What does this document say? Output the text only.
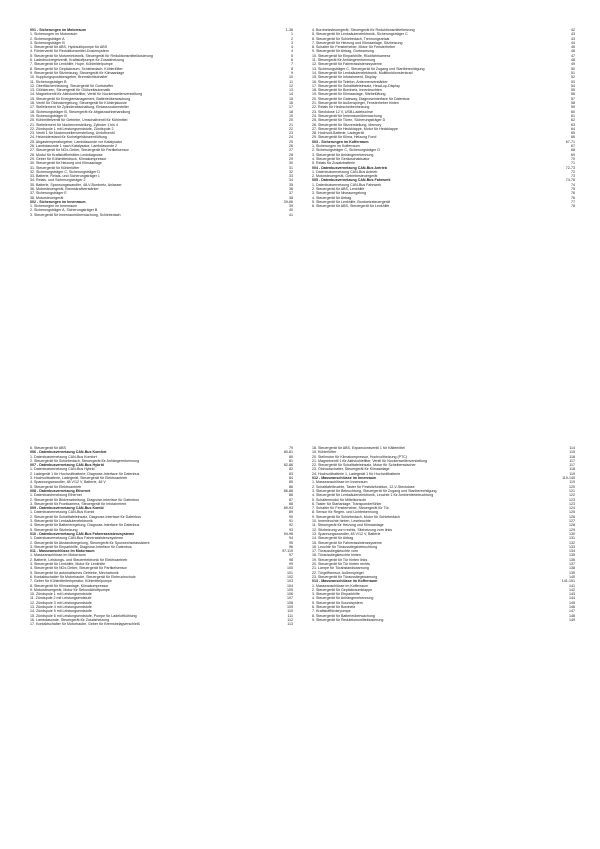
001 - Sicherungen im Motorraum	1-36
1. Sicherungen im Motorraum	1
2. Sicherungsträger A	2
3. Sicherungsträger B	3
1. Steuergerät für ABS, Hydraulikpumpe für ABS	4
4. Förderventil für Reduktionsmittel-Dosiersystem	4
5. Steuergerät für Motorelektronik, Steuergerät für Reduktionsmitteldosierung	5
6. Ladedruckregelventil, Kraftstoffpumpe für Zusatzheizung	6
7. Steuergerät für Lenkhilfe, Hupe, Kühlmittelpumpe	7
8. Steuergerät für Gepäckraum, Schiebedach, Kühlerlüfter	8
9. Steuergerät für Sitzheizung, Steuergerät für Klimaanlage	9
10. Kupplungspositionsgeber, Bremslichtschalter	10
11. Sicherungsträger B	11
12. Oberflächenheizung, Steuergerät für Gurtstraffer	12
13. Glühkerzen, Steuergerät für Glühzeitautomatik	13
14. Magnetventil für Aktivkohlefilter, Ventil für Nockenwellenverstellung	14
15. Steuergerät für Energiemanagement, Batterieüberwachung	15
16. Ventil für Öldruckregelung, Steuergerät für Kühlerjalousie	16
17. Stellelement für Zylinderabschaltung, Einlassnockensteller	17
18. Sicherungsträger B, Steuergerät für Abgasnachbehandlung	18
19. Sicherungsträger B	19
20. Kühlmittelventil für Getriebe, Umschaltventil für Kühlmittel	20
21. Stellelement für Nockenverstellung, Zylinder 1 bis 4	21
22. Zündspule 1 mit Leistungsendstufe, Zündspule 2	22
23. Ventil 1 für Nockenwellenverstellung, Umluftventil	23
24. Heizwiderstand für Kurbelgehäuseentlüftung	24
25. Abgastemperaturgeber, Lambdasonde vor Katalysator	25
26. Lambdasonde 1 nach Katalysator, Lambdasonde 2	26
27. Steuergerät für NOx-Geber, Steuergerät für Partikelsensor	27
28. Modul für Kraftstoffbehälter-Leckdiagnose	28
29. Geber für Kühlmitteldruck, Klimakompressor	29
30. Steuergerät für Heizung und Klimaanlage	30
31. Steuergerät für Kühlerlüfter	31
32. Sicherungsträger C, Sicherungsträger D	32
33. Batterie, Relais- und Sicherungsträger 1	33
34. Relais- und Sicherungsträger 2	34
35. Batterie, Spannungswandler, 48-V-Bordnetz, Anlasser	35
36. Motorsteuergerät, Bremskraftverstärker	36
37. Sicherungsträger E	37
38. Motorsteuergerät	38
002 - Sicherungen im Innenraum	39-66
1. Sicherungen im Innenraum	39
2. Sicherungsträger A, Sicherungsträger B	40
3. Steuergerät für Innenraumüberwachung, Schiebedach	41
4. Bordnetzsteuergerät, Steuergerät für Reduktionsmittelheizung	42
5. Steuergerät für Lenksäulenelektronik, Sicherungsträger C	43
6. Steuergerät für Schiebedach, Trennungsrelais	43
7. Steuergerät für Heizung und Klimaanlage, Sitzheizung	44
8. Schalter für Fensterheber, Motor für Fensterheber	45
9. Steuergerät für Airbag, Gurtwarnung	46
10. Steuergerät für Einparkhilfe, Rückfahrkamera	47
11. Steuergerät für Anhängererkennung	48
12. Steuergerät für Fahrerassistenzsysteme	49
13. Sicherungsträger C, Steuergerät für Zugang und Startberechtigung	50
14. Steuergerät für Lenksäulenelektronik, Multifunktionslenkrad	51
15. Steuergerät für Infotainment, Display	52
16. Steuergerät für Telefon, Antennenverstärker	53
17. Steuergerät für Schalttafeleinsatz, Head-up-Display	54
18. Steuergerät für Bordnetz, Innenleuchten	55
19. Steuergerät für Klimaanlage, Sitzbelüftung	56
20. Steuergerät für Gateway, Diagnoseinterface für Datenbus	57
21. Steuergerät für Außenspiegel, Fensterheber hinten	58
22. Relais für Heckscheibenheizung	59
23. Steckdose 12 V, USB-Ladebuchse	60
24. Steuergerät für Innenraumüberwachung	61
25. Steuergerät für Türen, Sicherungsträger D	62
26. Steuergerät für Sitzverstellung, Memory	63
27. Steuergerät für Heckklappe, Motor für Heckklappe	64
28. Hochvolt-Batterie, Ladegerät	65
29. Steuergerät für Klima, Heizung Fond	66
003 - Sicherungen im Kofferraum	67-71
1. Sicherungen im Kofferraum	67
2. Sicherungsträger C, Sicherungsträger D	68
3. Steuergerät für Anhängererkennung	69
4. Steuergerät für Geräuschaktuator	70
5. Relais für Zusatzbatterie	71
004 - Datenbusvernetzung CAN-Bus Antrieb	72-73
1. Datenbusvernetzung CAN-Bus Antrieb	72
2. Motorsteuergerät, Getriebesteuergerät	73
005 - Datenbusvernetzung CAN-Bus Fahrwerk	74-76
1. Datenbusvernetzung CAN-Bus Fahrwerk	74
2. Steuergerät für ABS, Lenkhilfe	75
3. Steuergerät für Niveauregelung	76
4. Steuergerät für Airbag	76
5. Steuergerät für Lenkhilfe, Bordnetzsteuergerät	77
6. Steuergerät für ABS, Steuergerät für Lenkhilfe	78
6. Steuergerät für ABS	79
006 - Datenbusvernetzung CAN-Bus Komfort	80-81
1. Datenbusvernetzung CAN-Bus Komfort	80
2. Steuergerät für Schiebedach, Steuergerät für Anhängererkennung	81
007 - Datenbusvernetzung CAN-Bus Hybrid	82-86
1. Datenbusvernetzung CAN-Bus Hybrid	82
2. Ladegerät 1 für Hochvoltbatterie, Diagnose-Interface für Datenbus	83
3. Hochvoltbatterie, Ladegerät, Steuergerät für Elektroantrieb	84
4. Spannungswandler, 48 V/12 V, Batterie, 48 V	85
5. Steuergerät für Elektroantrieb	86
008 - Datenbusvernetzung Ethernet	86-88
1. Datenbusvernetzung Ethernet	86
2. Steuergerät für Bildverarbeitung, Diagnose-Interface für Datenbus	87
3. Steuergerät für Frontkamera, Steuergerät für Infotainment	88
009 - Datenbusvernetzung CAN-Bus Kombi	89-93
1. Datenbusvernetzung CAN-Bus Kombi	89
2. Steuergerät für Schalttafeleinsatz, Diagnose-Interface für Datenbus	90
3. Steuergerät für Lenksäulenelektronik	91
4. Steuergerät für Batterieregelung, Diagnose-Interface für Datenbus	92
5. Steuergerät für Sitzheizung	93
010 - Datenbusvernetzung CAN-Bus Fahrerassistenzsysteme	94-96
1. Datenbusvernetzung CAN-Bus Fahrerassistenzsysteme	94
2. Steuergerät für Abstandsregelung, Steuergerät für Spurwechselassistent	95
3. Steuergerät für Einparkhilfe, Diagnose-Interface für Datenbus	96
011 - Masseanschlüsse im Motorraum	97-119
1. Masseanschlüsse im Motorraum	97
2. Batterie, Leistungs- und Steuerelektronik für Elektroantrieb	98
3. Steuergerät für Lenkhilfe, Motor für Lenkhilfe	99
4. Steuergerät für NOx-Geber, Steuergerät für Partikelsensor	100
5. Steuergerät für automatisches Getriebe, Mechatronik	101
6. Kontaktschalter für Motorhaube, Steuergerät für Einbruchschutz	102
7. Geber für Kühlmitteltemperatur, Kühlmittelpumpe	103
8. Steuergerät für Klimaanlage, Klimakompressor	104
9. Motorsteuergerät, Motor für Sekundärluftpumpe	105
10. Zündspule 1 mit Leistungsendstufe	106
11. Zündspule 2 mit Leistungsendstufe	107
12. Zündspule 3 mit Leistungsendstufe	108
13. Zündspule 4 mit Leistungsendstufe	109
14. Zündspule 5 mit Leistungsendstufe	110
15. Zündspule 6 mit Leistungsendstufe, Pumpe für Ladeluftkühlung	111
16. Lambdasonde, Steuergerät für Zusatzheizung	112
17. Kontaktschalter für Motorhaube, Geber für Bremsbelagverschleiß	113
18. Steuergerät für ABS, Expansionsventil 1 für Kältemittel	114
19. Kühlerlüfter	115
20. Stellmotor für Klimakompressor, Hochvoltheizung (PTC)	116
21. Magnetventil 1 für Aktivkohlefilter, Ventil für Nockenwellenverstellung	117
22. Steuergerät für Schalttafeleinsatz, Motor für Scheibenwischer	117
23. Öldruckschalter, Steuergerät für Klimaanlage	118
24. Hochvoltbatterie 1, Ladegerät 1 für Hochvoltbatterie	119
012 - Masseanschlüsse im Innenraum	119-140
1. Masseanschlüsse im Innenraum	119
2. Schalttafelleuchte, Taster für Festsitzfunktion, 12-V-Steckdose	120
3. Steuergerät für Beleuchtung, Steuergerät für Zugang und Startberechtigung	121
4. Steuergerät für Lenksäulenelektronik, Leuchte 1 für Ambientebeleuchtung	122
5. Schaltermodul für Mittelkonsole	123
6. Taster für Startanlage, Transponderfühler	123
7. Schalter für Fensterheber, Steuergerät für Tür	124
8. Sensor für Regen- und Lichterkennung	125
9. Steuergerät für Schiebedach, Motor für Schiebedach	126
10. Innenleuchte hinten, Leseleuchte	127
11. Steuergerät für Heizung und Klimaanlage	128
12. Sitzheizung vorn rechts, Sitzheizung vorn links	129
13. Spannungswandler, 48 V/12 V, Batterie	130
14. Steuergerät für Airbag	131
15. Steuergerät für Fahrerassistenzsysteme	132
16. Leuchte für Türausstiegsbeleuchtung	133
17. Türausstiegsleuchte vorn	134
18. Türausstiegsleuchte hinten	135
19. Steuergerät für Tür hinten links	136
20. Steuergerät für Tür hinten rechts	137
21. Lampe für Türabstandswarnung	138
22. Türgriffsensor, Außenspiegel	139
23. Steuergerät für Türausstiegswarnung	140
013 - Masseanschlüsse im Kofferraum	141-151
1. Masseanschlüsse im Kofferraum	141
2. Steuergerät für Gepäckraumklappe	142
3. Steuergerät für Einparkhilfe	143
4. Steuergerät für Anhängererkennung	144
5. Steuergerät für Soundsystem	145
6. Steuergerät für Bordnetz	146
7. Kraftstoffförderpumpe	147
8. Steuergerät für Batterieüberwachung	148
9. Steuergerät für Reduktionsmitteldosierung	149
